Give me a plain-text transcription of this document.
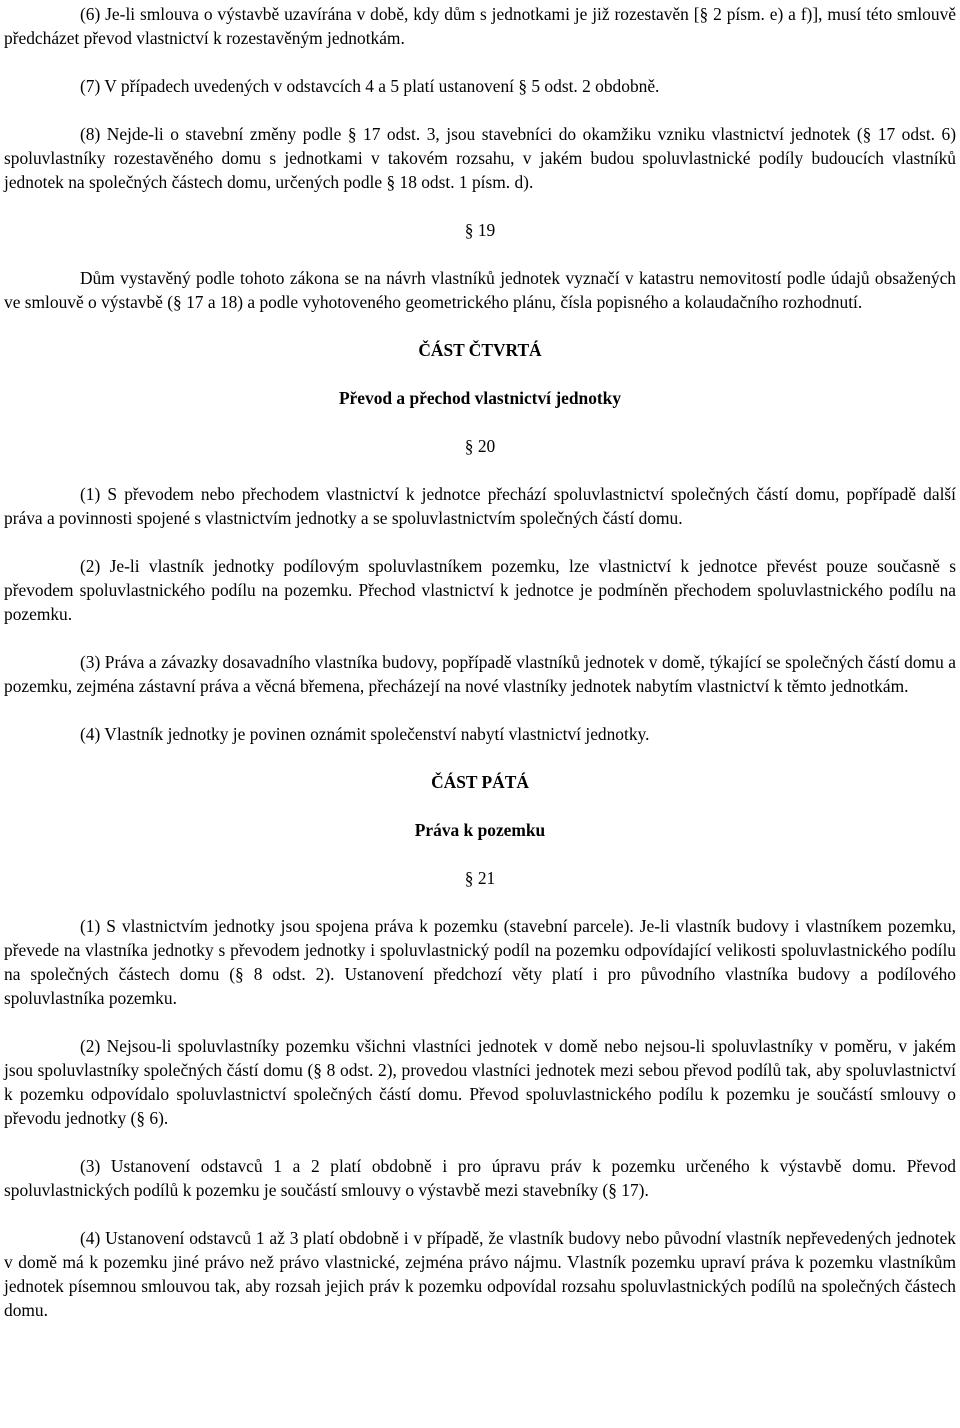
(6) Je-li smlouva o výstavbě uzavírána v době, kdy dům s jednotkami je již rozestavěn [§ 2 písm. e) a f)], musí této smlouvě předcházet převod vlastnictví k rozestavěným jednotkám.

(7) V případech uvedených v odstavcích 4 a 5 platí ustanovení § 5 odst. 2 obdobně.

(8) Nejde-li o stavební změny podle § 17 odst. 3, jsou stavebníci do okamžiku vzniku vlastnictví jednotek (§ 17 odst. 6) spoluvlastníky rozestavěného domu s jednotkami v takovém rozsahu, v jakém budou spoluvlastnické podíly budoucích vlastníků jednotek na společných částech domu, určených podle § 18 odst. 1 písm. d).

§ 19

Dům vystavěný podle tohoto zákona se na návrh vlastníků jednotek vyznačí v katastru nemovitostí podle údajů obsažených ve smlouvě o výstavbě (§ 17 a 18) a podle vyhotoveného geometrického plánu, čísla popisného a kolaudačního rozhodnutí.

ČÁST ČTVRTÁ

Převod a přechod vlastnictví jednotky

§ 20

(1) S převodem nebo přechodem vlastnictví k jednotce přechází spoluvlastnictví společných částí domu, popřípadě další práva a povinnosti spojené s vlastnictvím jednotky a se spoluvlastnictvím společných částí domu.

(2) Je-li vlastník jednotky podílovým spoluvlastníkem pozemku, lze vlastnictví k jednotce převést pouze současně s převodem spoluvlastnického podílu na pozemku. Přechod vlastnictví k jednotce je podmíněn přechodem spoluvlastnického podílu na pozemku.

(3) Práva a závazky dosavadního vlastníka budovy, popřípadě vlastníků jednotek v domě, týkající se společných částí domu a pozemku, zejména zástavní práva a věcná břemena, přecházejí na nové vlastníky jednotek nabytím vlastnictví k těmto jednotkám.

(4) Vlastník jednotky je povinen oznámit společenství nabytí vlastnictví jednotky.

ČÁST PÁTÁ

Práva k pozemku

§ 21

(1) S vlastnictvím jednotky jsou spojena práva k pozemku (stavební parcele). Je-li vlastník budovy i vlastníkem pozemku, převede na vlastníka jednotky s převodem jednotky i spoluvlastnický podíl na pozemku odpovídající velikosti spoluvlastnického podílu na společných částech domu (§ 8 odst. 2). Ustanovení předchozí věty platí i pro původního vlastníka budovy a podílového spoluvlastníka pozemku.

(2) Nejsou-li spoluvlastníky pozemku všichni vlastníci jednotek v domě nebo nejsou-li spoluvlastníky v poměru, v jakém jsou spoluvlastníky společných částí domu (§ 8 odst. 2), provedou vlastníci jednotek mezi sebou převod podílů tak, aby spoluvlastnictví k pozemku odpovídalo spoluvlastnictví společných částí domu. Převod spoluvlastnického podílu k pozemku je součástí smlouvy o převodu jednotky (§ 6).

(3) Ustanovení odstavců 1 a 2 platí obdobně i pro úpravu práv k pozemku určeného k výstavbě domu. Převod spoluvlastnických podílů k pozemku je součástí smlouvy o výstavbě mezi stavebníky (§ 17).

(4) Ustanovení odstavců 1 až 3 platí obdobně i v případě, že vlastník budovy nebo původní vlastník nepřevedených jednotek v domě má k pozemku jiné právo než právo vlastnické, zejména právo nájmu. Vlastník pozemku upraví práva k pozemku vlastníkům jednotek písemnou smlouvou tak, aby rozsah jejich práv k pozemku odpovídal rozsahu spoluvlastnických podílů na společných částech domu.
